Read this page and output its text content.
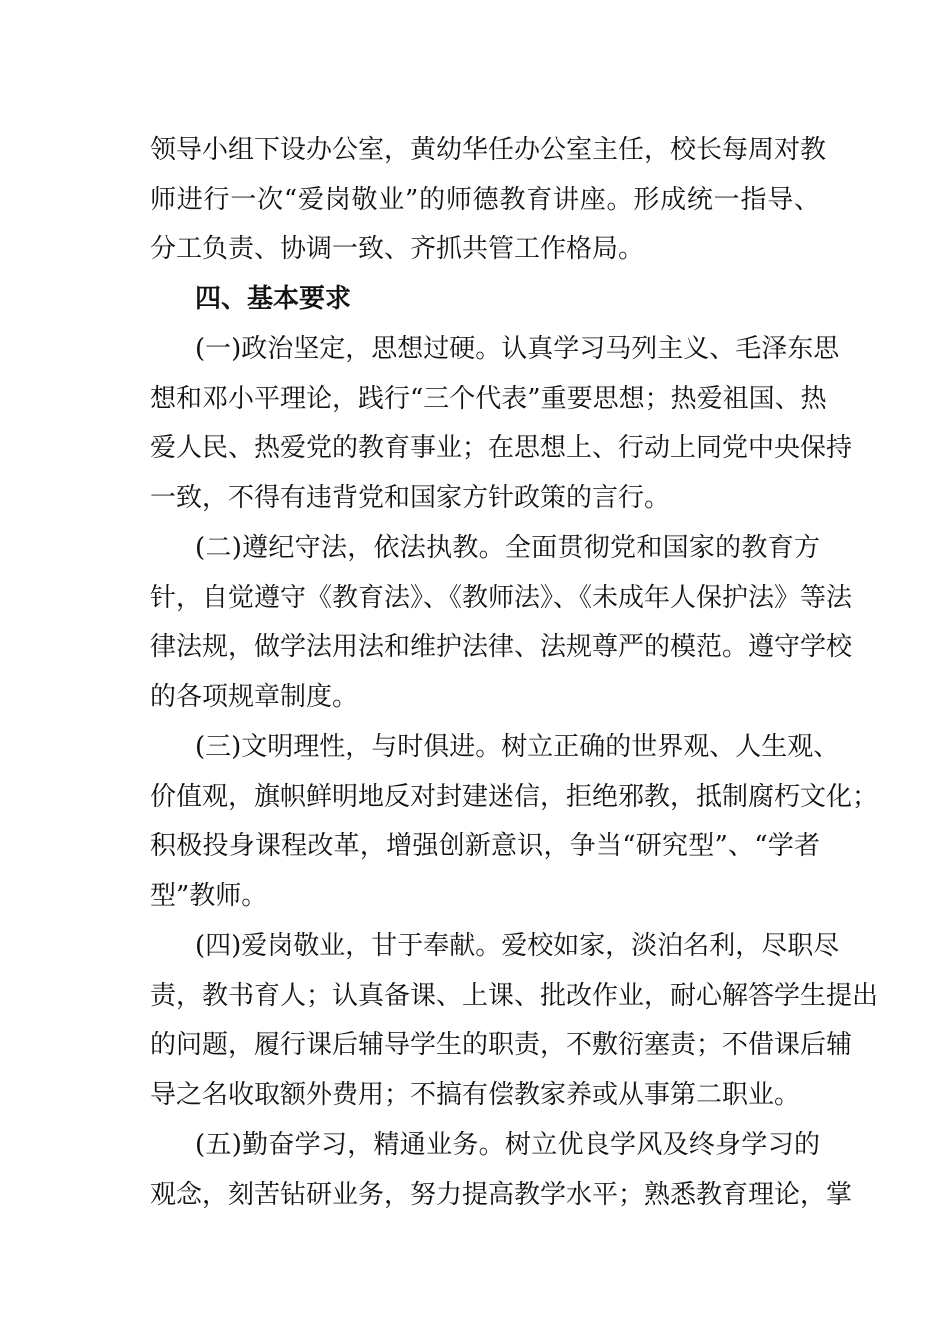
领导小组下设办公室，黄幼华任办公室主任，校长每周对教
师进行一次“爱岗敬业”的师德教育讲座。形成统一指导、
分工负责、协调一致、齐抓共管工作格局。
四、基本要求
(一)政治坚定，思想过硬。认真学习马列主义、毛泽东思
想和邓小平理论，践行“三个代表”重要思想；热爱祖国、热
爱人民、热爱党的教育事业；在思想上、行动上同党中央保持
一致，不得有违背党和国家方针政策的言行。
(二)遵纪守法，依法执教。全面贯彻党和国家的教育方
针，自觉遵守《教育法》、《教师法》、《未成年人保护法》等法
律法规，做学法用法和维护法律、法规尊严的模范。遵守学校
的各项规章制度。
(三)文明理性，与时俱进。树立正确的世界观、人生观、
价值观，旗帜鲜明地反对封建迷信，拒绝邪教，抵制腐朽文化；
积极投身课程改革，增强创新意识，争当“研究型”、“学者
型”教师。
(四)爱岗敬业，甘于奉献。爱校如家，淡泊名利，尽职尽
责，教书育人；认真备课、上课、批改作业，耐心解答学生提出
的问题，履行课后辅导学生的职责，不敷衍塞责；不借课后辅
导之名收取额外费用；不搞有偿教家养或从事第二职业。
(五)勤奋学习，精通业务。树立优良学风及终身学习的
观念，刻苦钻研业务，努力提高教学水平；熟悉教育理论，掌
